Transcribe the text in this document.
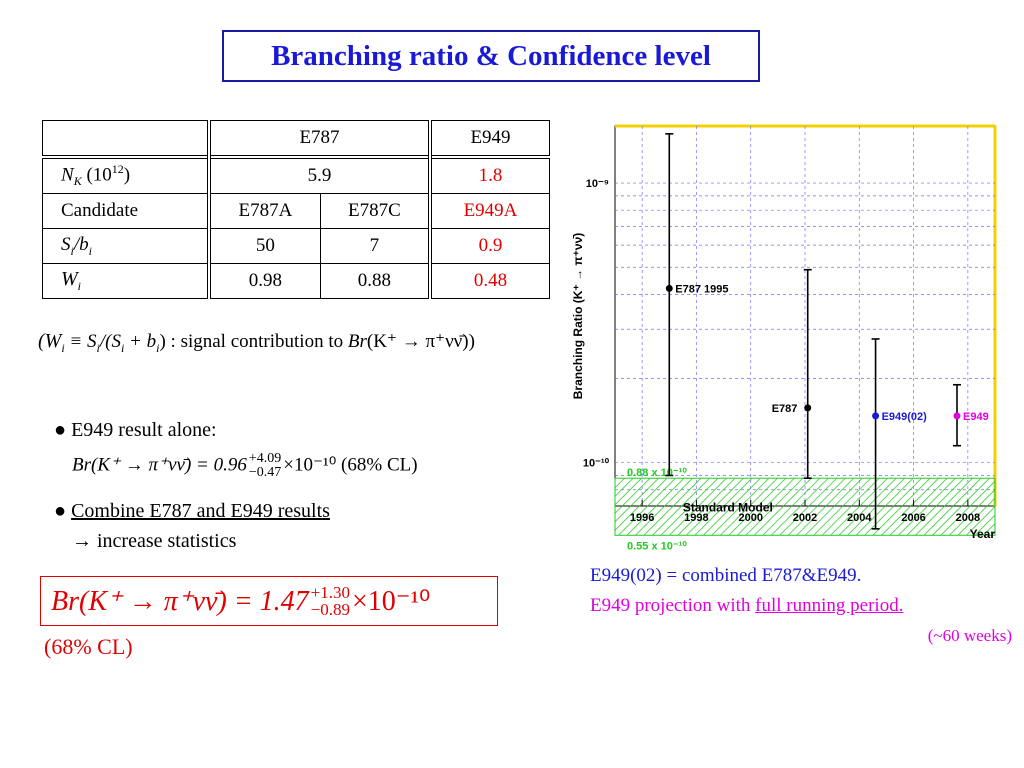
Branching ratio & Confidence level
	E787		E949
$N_K$ $(10^{12})$	5.9		1.8
Candidate	E787A	E787C	E949A
$S_i/b_i$	50	7	0.9
$W_i$	0.98	0.88	0.48
($W_i \equiv S_i/(S_i + b_i)$ : signal contribution to Br(K⁺ → π⁺νν̄))
● E949 result alone:
Br(K⁺ → π⁺νν̄) = 0.96 +4.09
−0.47 ×10⁻¹⁰ (68% CL)
● Combine E787 and E949 results
→ increase statistics
Br(K⁺ → π⁺νν̄) = 1.47 +1.30
−0.89 ×10⁻¹⁰
(68% CL)
Standard Model
0.88 x 10⁻¹⁰
0.55 x 10⁻¹⁰
1996	1998	2000	2002	2004	2006	2008
Year
10⁻⁹
10⁻¹⁰
Branching Ratio (K⁺ → π⁺νν̄)	E787 1995
E787
E949(02)	E949
E949(02) = combined E787&E949.
E949 projection with full running period.
(~60 weeks)
